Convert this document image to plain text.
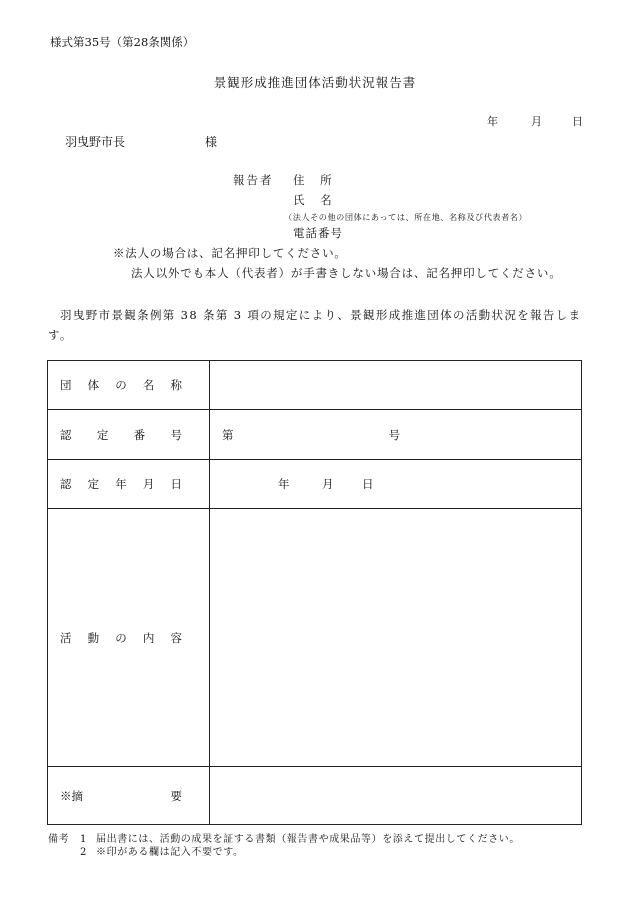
様式第35号（第28条関係）
景観形成推進団体活動状況報告書
年	月	日
羽曳野市長	様
報告者 住 所
氏 名
（法人その他の団体にあっては、所在地、名称及び代表者名）
電話番号
※法人の場合は、記名押印してください。
法人以外でも本人（代表者）が手書きしない場合は、記名押印してください。
羽曳野市景観条例第 38 条第 3 項の規定により、景観形成推進団体の活動状況を報告します。
団 体 の 名 称	

認 定 番 号	第 号

認 定 年 月 日	年 月 日

活 動 の 内 容	

※摘 要	

備考	1 届出書には、活動の成果を証する書類（報告書や成果品等）を添えて提出してください。
2 ※印がある欄は記入不要です。
